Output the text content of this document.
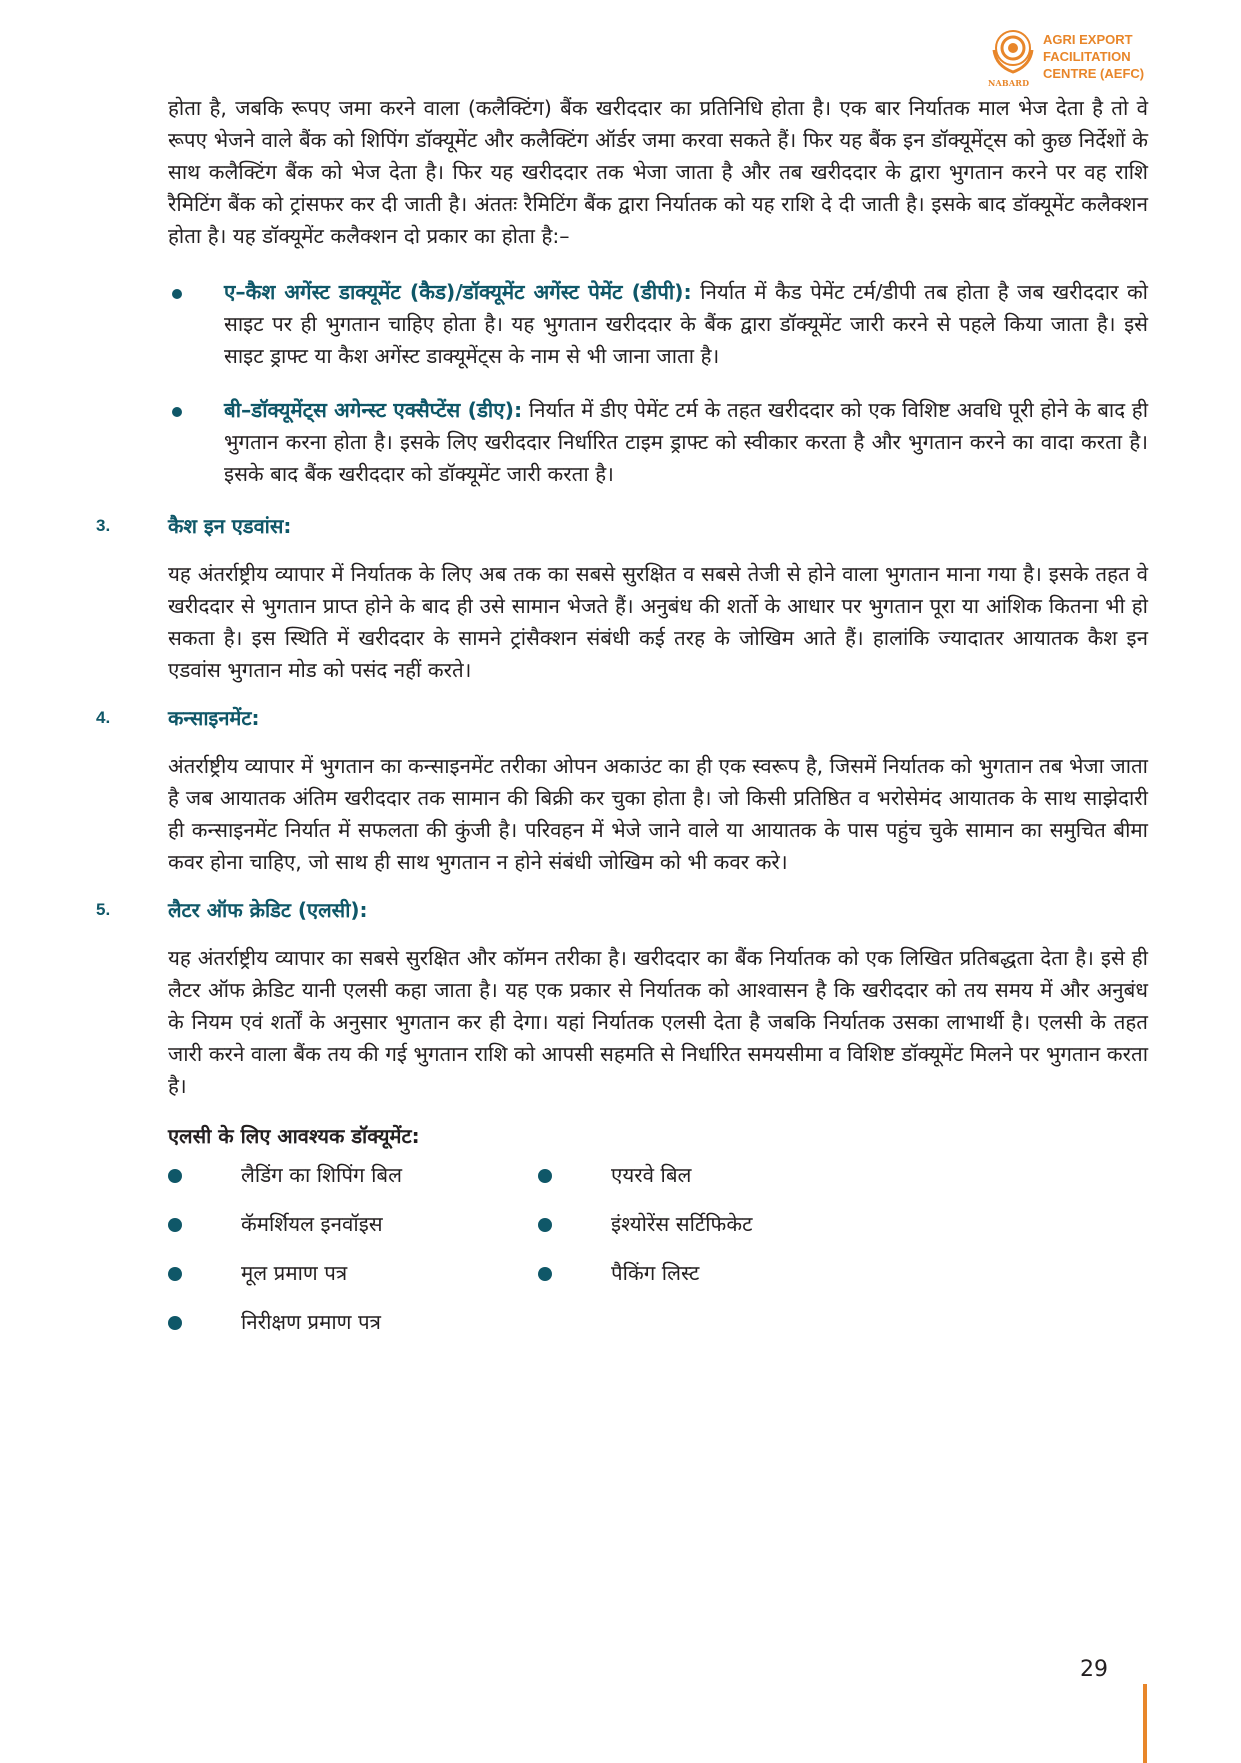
NABARD
AGRI EXPORT
FACILITATION
CENTRE (AEFC)

होता है, जबकि रूपए जमा करने वाला (कलैक्टिंग) बैंक खरीददार का प्रतिनिधि होता है। एक बार निर्यातक माल भेज देता है तो वे रूपए भेजने वाले बैंक को शिपिंग डॉक्यूमेंट और कलैक्टिंग ऑर्डर जमा करवा सकते हैं। फिर यह बैंक इन डॉक्यूमेंट्स को कुछ निर्देशों के साथ कलैक्टिंग बैंक को भेज देता है। फिर यह खरीददार तक भेजा जाता है और तब खरीददार के द्वारा भुगतान करने पर वह राशि रैमिटिंग बैंक को ट्रांसफर कर दी जाती है। अंततः रैमिटिंग बैंक द्वारा निर्यातक को यह राशि दे दी जाती है। इसके बाद डॉक्यूमेंट कलैक्शन होता है। यह डॉक्यूमेंट कलैक्शन दो प्रकार का होता है:–

ए–कैश अगेंस्ट डाक्यूमेंट (कैड)/डॉक्यूमेंट अगेंस्ट पेमेंट (डीपी): निर्यात में कैड पेमेंट टर्म/डीपी तब होता है जब खरीददार को साइट पर ही भुगतान चाहिए होता है। यह भुगतान खरीददार के बैंक द्वारा डॉक्यूमेंट जारी करने से पहले किया जाता है। इसे साइट ड्राफ्ट या कैश अगेंस्ट डाक्यूमेंट्स के नाम से भी जाना जाता है।

बी–डॉक्यूमेंट्स अगेन्स्ट एक्सैप्टेंस (डीए): निर्यात में डीए पेमेंट टर्म के तहत खरीददार को एक विशिष्ट अवधि पूरी होने के बाद ही भुगतान करना होता है। इसके लिए खरीददार निर्धारित टाइम ड्राफ्ट को स्वीकार करता है और भुगतान करने का वादा करता है। इसके बाद बैंक खरीददार को डॉक्यूमेंट जारी करता है।

3.	कैश इन एडवांस:

यह अंतर्राष्ट्रीय व्यापार में निर्यातक के लिए अब तक का सबसे सुरक्षित व सबसे तेजी से होने वाला भुगतान माना गया है। इसके तहत वे खरीददार से भुगतान प्राप्त होने के बाद ही उसे सामान भेजते हैं। अनुबंध की शर्तो के आधार पर भुगतान पूरा या आंशिक कितना भी हो सकता है। इस स्थिति में खरीददार के सामने ट्रांसैक्शन संबंधी कई तरह के जोखिम आते हैं। हालांकि ज्यादातर आयातक कैश इन एडवांस भुगतान मोड को पसंद नहीं करते।

4.	कन्साइनमेंट:

अंतर्राष्ट्रीय व्यापार में भुगतान का कन्साइनमेंट तरीका ओपन अकाउंट का ही एक स्वरूप है, जिसमें निर्यातक को भुगतान तब भेजा जाता है जब आयातक अंतिम खरीददार तक सामान की बिक्री कर चुका होता है। जो किसी प्रतिष्ठित व भरोसेमंद आयातक के साथ साझेदारी ही कन्साइनमेंट निर्यात में सफलता की कुंजी है। परिवहन में भेजे जाने वाले या आयातक के पास पहुंच चुके सामान का समुचित बीमा कवर होना चाहिए, जो साथ ही साथ भुगतान न होने संबंधी जोखिम को भी कवर करे।

5.	लैटर ऑफ क्रेडिट (एलसी):

यह अंतर्राष्ट्रीय व्यापार का सबसे सुरक्षित और कॉमन तरीका है। खरीददार का बैंक निर्यातक को एक लिखित प्रतिबद्धता देता है। इसे ही लैटर ऑफ क्रेडिट यानी एलसी कहा जाता है। यह एक प्रकार से निर्यातक को आश्वासन है कि खरीददार को तय समय में और अनुबंध के नियम एवं शर्तों के अनुसार भुगतान कर ही देगा। यहां निर्यातक एलसी देता है जबकि निर्यातक उसका लाभार्थी है। एलसी के तहत जारी करने वाला बैंक तय की गई भुगतान राशि को आपसी सहमति से निर्धारित समयसीमा व विशिष्ट डॉक्यूमेंट मिलने पर भुगतान करता है।

एलसी के लिए आवश्यक डॉक्यूमेंट:
लैडिंग का शिपिंग बिल	एयरवे बिल
कॅमर्शियल इनवॉइस	इंश्योरेंस सर्टिफिकेट
मूल प्रमाण पत्र	पैकिंग लिस्ट
निरीक्षण प्रमाण पत्र
29
